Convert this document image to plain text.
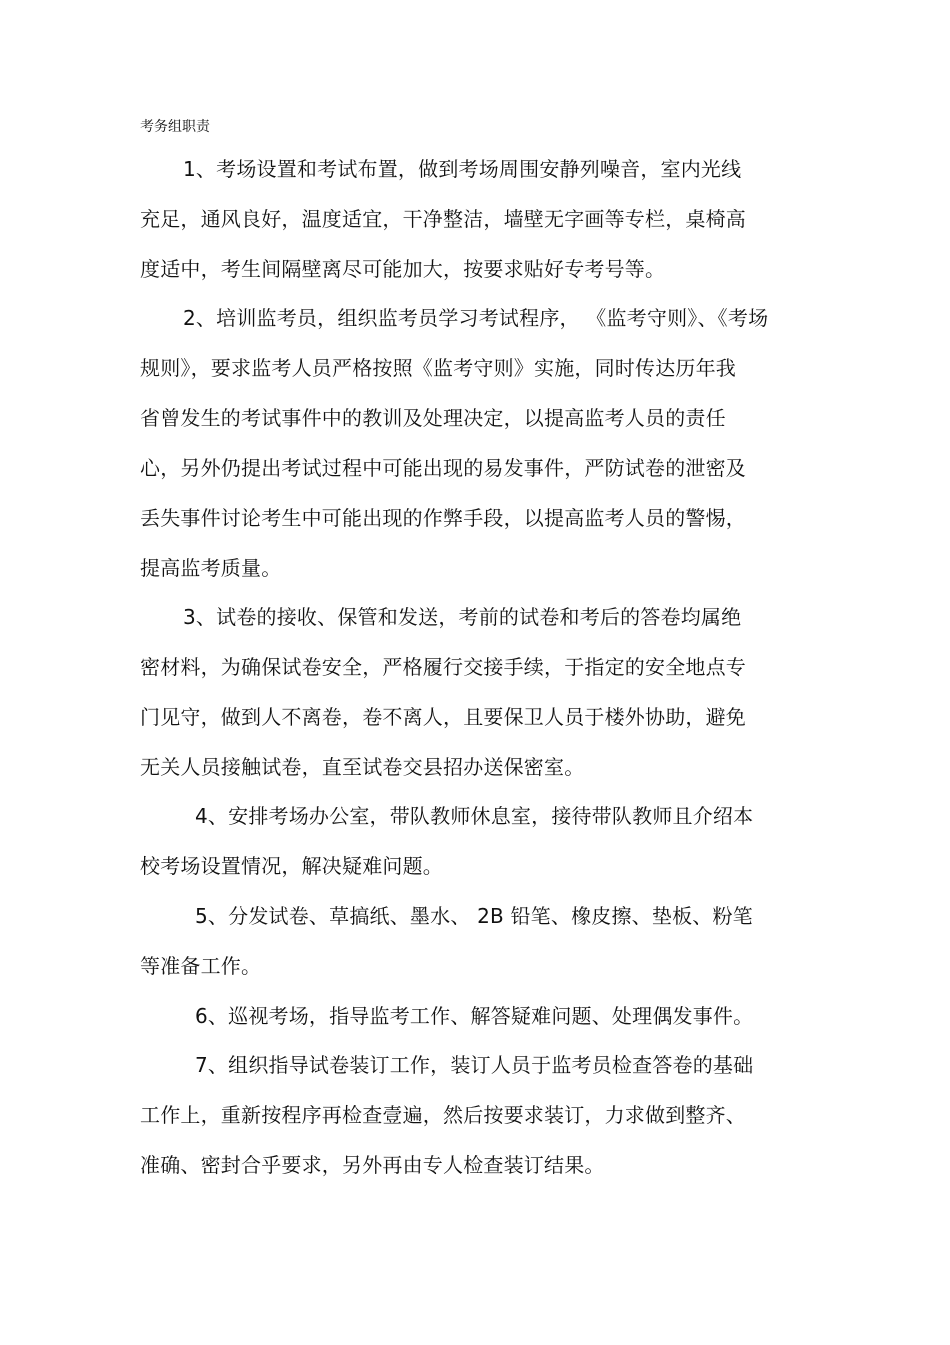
考务组职责
1、考场设置和考试布置，做到考场周围安静列噪音，室内光线
充足，通风良好，温度适宜，干净整洁，墙壁无字画等专栏，桌椅高
度适中，考生间隔壁离尽可能加大，按要求贴好专考号等。
2、培训监考员，组织监考员学习考试程序， 《监考守则》、《考场
规则》，要求监考人员严格按照《监考守则》实施，同时传达历年我
省曾发生的考试事件中的教训及处理决定，以提高监考人员的责任
心，另外仍提出考试过程中可能出现的易发事件，严防试卷的泄密及
丢失事件讨论考生中可能出现的作弊手段，以提高监考人员的警惕，
提高监考质量。
3、试卷的接收、保管和发送，考前的试卷和考后的答卷均属绝
密材料，为确保试卷安全，严格履行交接手续，于指定的安全地点专
门见守，做到人不离卷，卷不离人，且要保卫人员于楼外协助，避免
无关人员接触试卷，直至试卷交县招办送保密室。
4、安排考场办公室，带队教师休息室，接待带队教师且介绍本
校考场设置情况，解决疑难问题。
5、分发试卷、草搞纸、墨水、 2B 铅笔、橡皮擦、垫板、粉笔
等准备工作。
6、巡视考场，指导监考工作、解答疑难问题、处理偶发事件。
7、组织指导试卷装订工作，装订人员于监考员检查答卷的基础
工作上，重新按程序再检查壹遍，然后按要求装订，力求做到整齐、
准确、密封合乎要求，另外再由专人检查装订结果。
